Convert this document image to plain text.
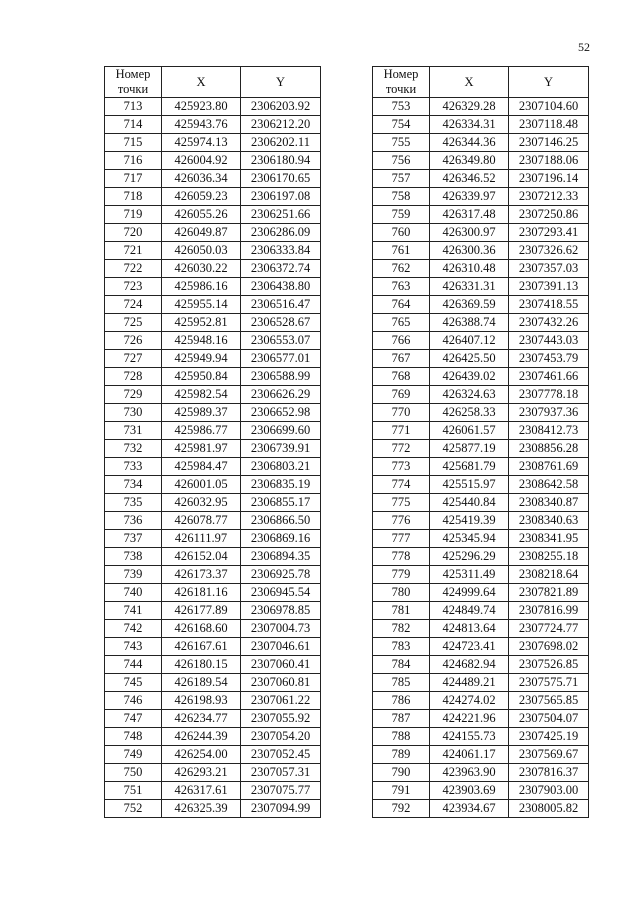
52
Номер
точки	X	Y
713	425923.80	2306203.92
714	425943.76	2306212.20
715	425974.13	2306202.11
716	426004.92	2306180.94
717	426036.34	2306170.65
718	426059.23	2306197.08
719	426055.26	2306251.66
720	426049.87	2306286.09
721	426050.03	2306333.84
722	426030.22	2306372.74
723	425986.16	2306438.80
724	425955.14	2306516.47
725	425952.81	2306528.67
726	425948.16	2306553.07
727	425949.94	2306577.01
728	425950.84	2306588.99
729	425982.54	2306626.29
730	425989.37	2306652.98
731	425986.77	2306699.60
732	425981.97	2306739.91
733	425984.47	2306803.21
734	426001.05	2306835.19
735	426032.95	2306855.17
736	426078.77	2306866.50
737	426111.97	2306869.16
738	426152.04	2306894.35
739	426173.37	2306925.78
740	426181.16	2306945.54
741	426177.89	2306978.85
742	426168.60	2307004.73
743	426167.61	2307046.61
744	426180.15	2307060.41
745	426189.54	2307060.81
746	426198.93	2307061.22
747	426234.77	2307055.92
748	426244.39	2307054.20
749	426254.00	2307052.45
750	426293.21	2307057.31
751	426317.61	2307075.77
752	426325.39	2307094.99
Номер
точки	X	Y
753	426329.28	2307104.60
754	426334.31	2307118.48
755	426344.36	2307146.25
756	426349.80	2307188.06
757	426346.52	2307196.14
758	426339.97	2307212.33
759	426317.48	2307250.86
760	426300.97	2307293.41
761	426300.36	2307326.62
762	426310.48	2307357.03
763	426331.31	2307391.13
764	426369.59	2307418.55
765	426388.74	2307432.26
766	426407.12	2307443.03
767	426425.50	2307453.79
768	426439.02	2307461.66
769	426324.63	2307778.18
770	426258.33	2307937.36
771	426061.57	2308412.73
772	425877.19	2308856.28
773	425681.79	2308761.69
774	425515.97	2308642.58
775	425440.84	2308340.87
776	425419.39	2308340.63
777	425345.94	2308341.95
778	425296.29	2308255.18
779	425311.49	2308218.64
780	424999.64	2307821.89
781	424849.74	2307816.99
782	424813.64	2307724.77
783	424723.41	2307698.02
784	424682.94	2307526.85
785	424489.21	2307575.71
786	424274.02	2307565.85
787	424221.96	2307504.07
788	424155.73	2307425.19
789	424061.17	2307569.67
790	423963.90	2307816.37
791	423903.69	2307903.00
792	423934.67	2308005.82
